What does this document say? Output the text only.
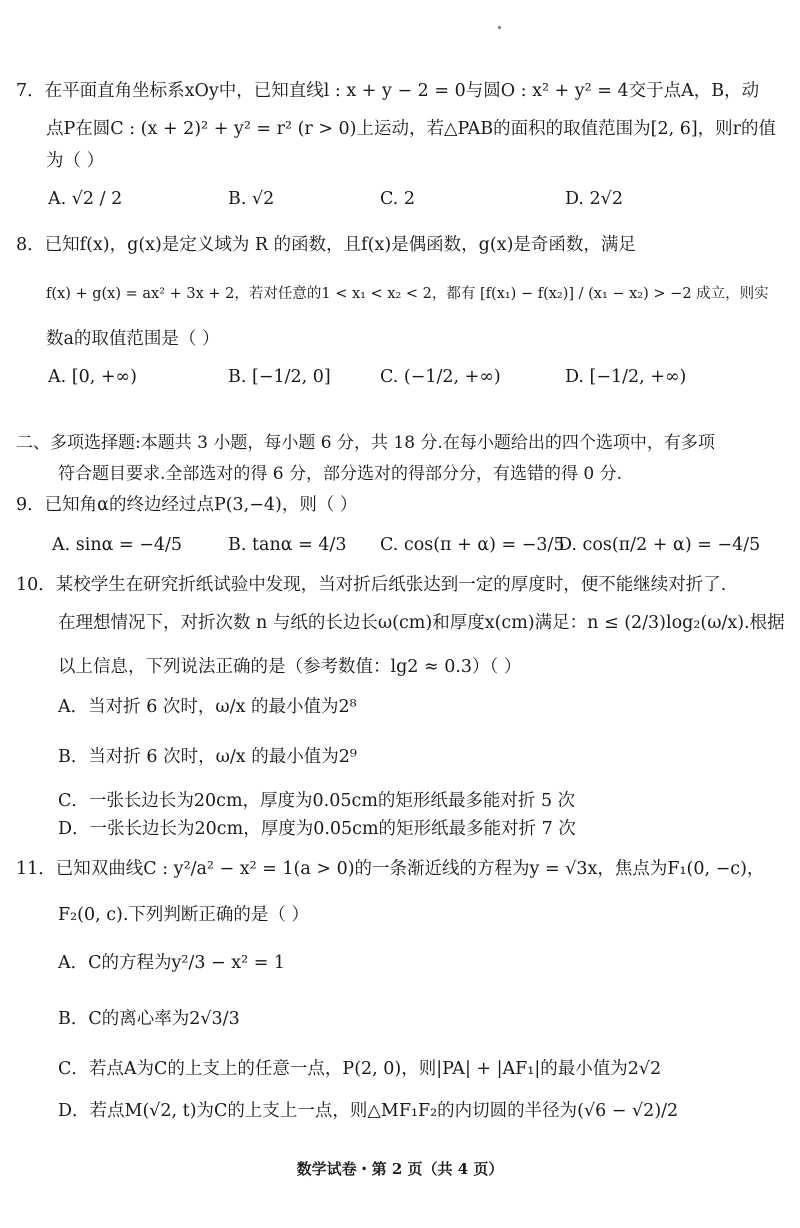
7．在平面直角坐标系xOy中，已知直线l : x + y − 2 = 0与圆O : x² + y² = 4交于点A，B，动
点P在圆C : (x + 2)² + y² = r² (r > 0)上运动，若△PAB的面积的取值范围为[2, 6]，则r的值
为（ ）
A. √2 / 2	B. √2	C. 2	D. 2√2
8．已知f(x)，g(x)是定义域为 R 的函数，且f(x)是偶函数，g(x)是奇函数，满足
f(x) + g(x) = ax² + 3x + 2，若对任意的1 < x₁ < x₂ < 2，都有 [f(x₁) − f(x₂)] / (x₁ − x₂) > −2 成立，则实
数a的取值范围是（ ）
A. [0, +∞)	B. [−1/2, 0]	C. (−1/2, +∞)	D. [−1/2, +∞)
二、多项选择题:本题共 3 小题，每小题 6 分，共 18 分.在每小题给出的四个选项中，有多项
符合题目要求.全部选对的得 6 分，部分选对的得部分分，有选错的得 0 分.
9．已知角α的终边经过点P(3,−4)，则（ ）
A. sinα = −4/5	B. tanα = 4/3 C. cos(π + α) = −3/5
D. cos(π/2 + α) = −4/5
10．某校学生在研究折纸试验中发现，当对折后纸张达到一定的厚度时，便不能继续对折了.
在理想情况下，对折次数 n 与纸的长边长ω(cm)和厚度x(cm)满足：n ≤ (2/3)log₂(ω/x).根据
以上信息，下列说法正确的是（参考数值：lg2 ≈ 0.3）（ ）
A．当对折 6 次时，ω/x 的最小值为2⁸
B．当对折 6 次时，ω/x 的最小值为2⁹
C．一张长边长为20cm，厚度为0.05cm的矩形纸最多能对折 5 次
D．一张长边长为20cm，厚度为0.05cm的矩形纸最多能对折 7 次
11．已知双曲线C : y²/a² − x² = 1(a > 0)的一条渐近线的方程为y = √3x，焦点为F₁(0, −c)，
F₂(0, c).下列判断正确的是（ ）
A．C的方程为y²/3 − x² = 1
B．C的离心率为2√3/3
C．若点A为C的上支上的任意一点，P(2, 0)，则|PA| + |AF₁|的最小值为2√2
D．若点M(√2, t)为C的上支上一点，则△MF₁F₂的内切圆的半径为(√6 − √2)/2
数学试卷・第 2 页（共 4 页）
